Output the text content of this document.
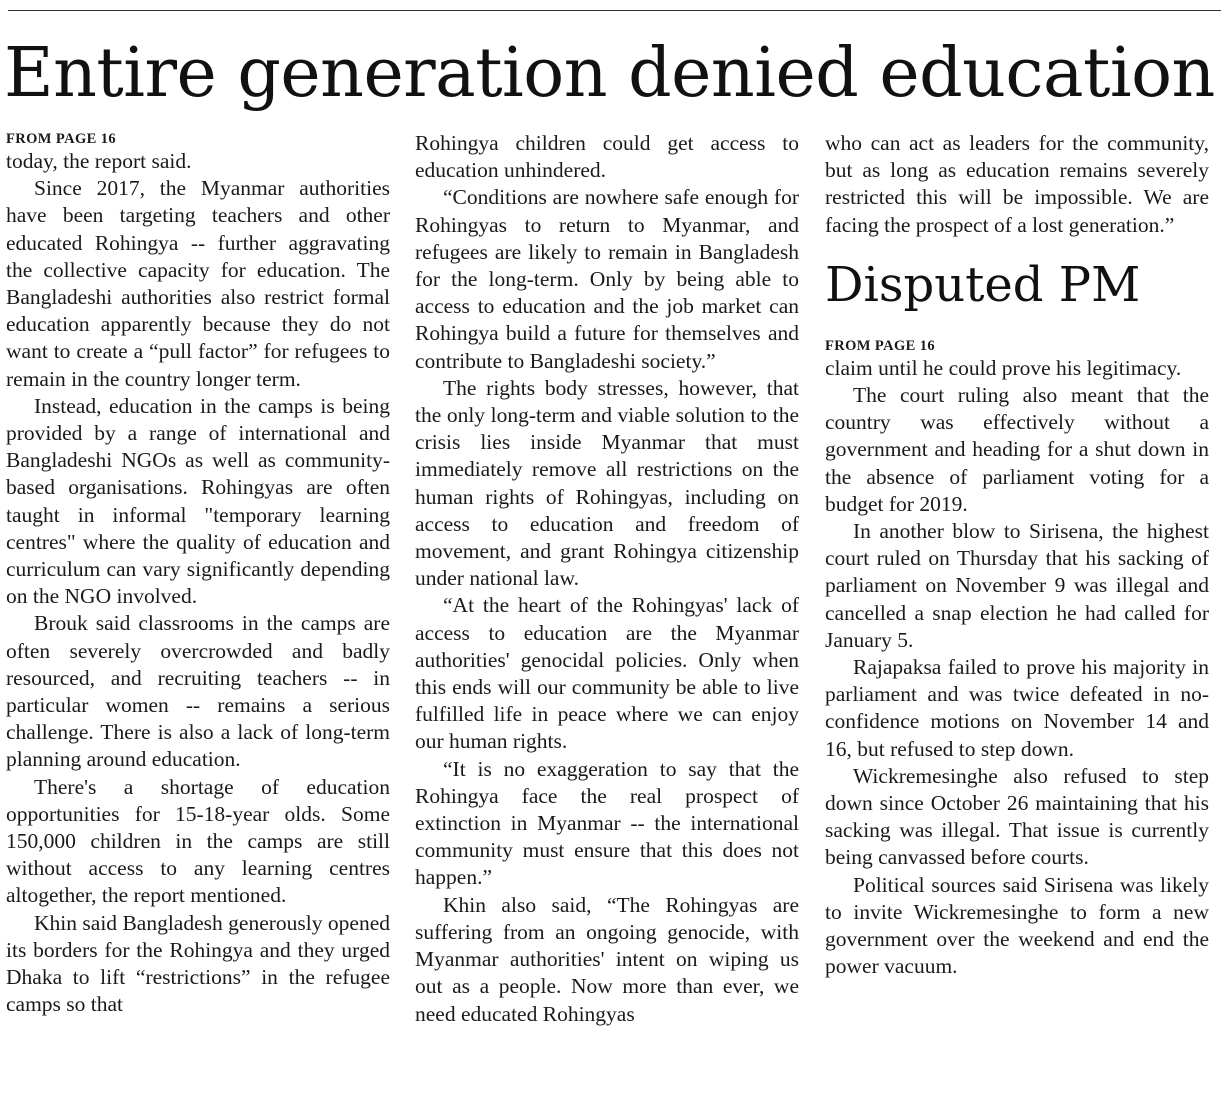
Entire generation denied education
FROM PAGE 16

today, the report said.

Since 2017, the Myanmar authorities have been targeting teachers and other educated Rohingya -- further aggravating the collective capacity for education. The Bangladeshi authorities also restrict formal education apparently because they do not want to create a “pull factor” for refugees to remain in the country longer term.

Instead, education in the camps is being provided by a range of international and Bangladeshi NGOs as well as community-based organisations. Rohingyas are often taught in informal "temporary learning centres" where the quality of education and curriculum can vary significantly depending on the NGO involved.

Brouk said classrooms in the camps are often severely overcrowded and badly resourced, and recruiting teachers -- in particular women -- remains a serious challenge. There is also a lack of long-term planning around education.

There's a shortage of education opportunities for 15-18-year olds. Some 150,000 children in the camps are still without access to any learning centres altogether, the report mentioned.

Khin said Bangladesh generously opened its borders for the Rohingya and they urged Dhaka to lift “restrictions” in the refugee camps so that

Rohingya children could get access to education unhindered.

“Conditions are nowhere safe enough for Rohingyas to return to Myanmar, and refugees are likely to remain in Bangladesh for the long-term. Only by being able to access to education and the job market can Rohingya build a future for themselves and contribute to Bangladeshi society.”

The rights body stresses, however, that the only long-term and viable solution to the crisis lies inside Myanmar that must immediately remove all restrictions on the human rights of Rohingyas, including on access to education and freedom of movement, and grant Rohingya citizenship under national law.

“At the heart of the Rohingyas' lack of access to education are the Myanmar authorities' genocidal policies. Only when this ends will our community be able to live fulfilled life in peace where we can enjoy our human rights.

“It is no exaggeration to say that the Rohingya face the real prospect of extinction in Myanmar -- the international community must ensure that this does not happen.”

Khin also said, “The Rohingyas are suffering from an ongoing genocide, with Myanmar authorities' intent on wiping us out as a people. Now more than ever, we need educated Rohingyas

who can act as leaders for the community, but as long as education remains severely restricted this will be impossible. We are facing the prospect of a lost generation.”

Disputed PM
FROM PAGE 16

claim until he could prove his legitimacy.

The court ruling also meant that the country was effectively without a government and heading for a shut down in the absence of parliament voting for a budget for 2019.

In another blow to Sirisena, the highest court ruled on Thursday that his sacking of parliament on November 9 was illegal and cancelled a snap election he had called for January 5.

Rajapaksa failed to prove his majority in parliament and was twice defeated in no-confidence motions on November 14 and 16, but refused to step down.

Wickremesinghe also refused to step down since October 26 maintaining that his sacking was illegal. That issue is currently being canvassed before courts.

Political sources said Sirisena was likely to invite Wickremesinghe to form a new government over the weekend and end the power vacuum.
